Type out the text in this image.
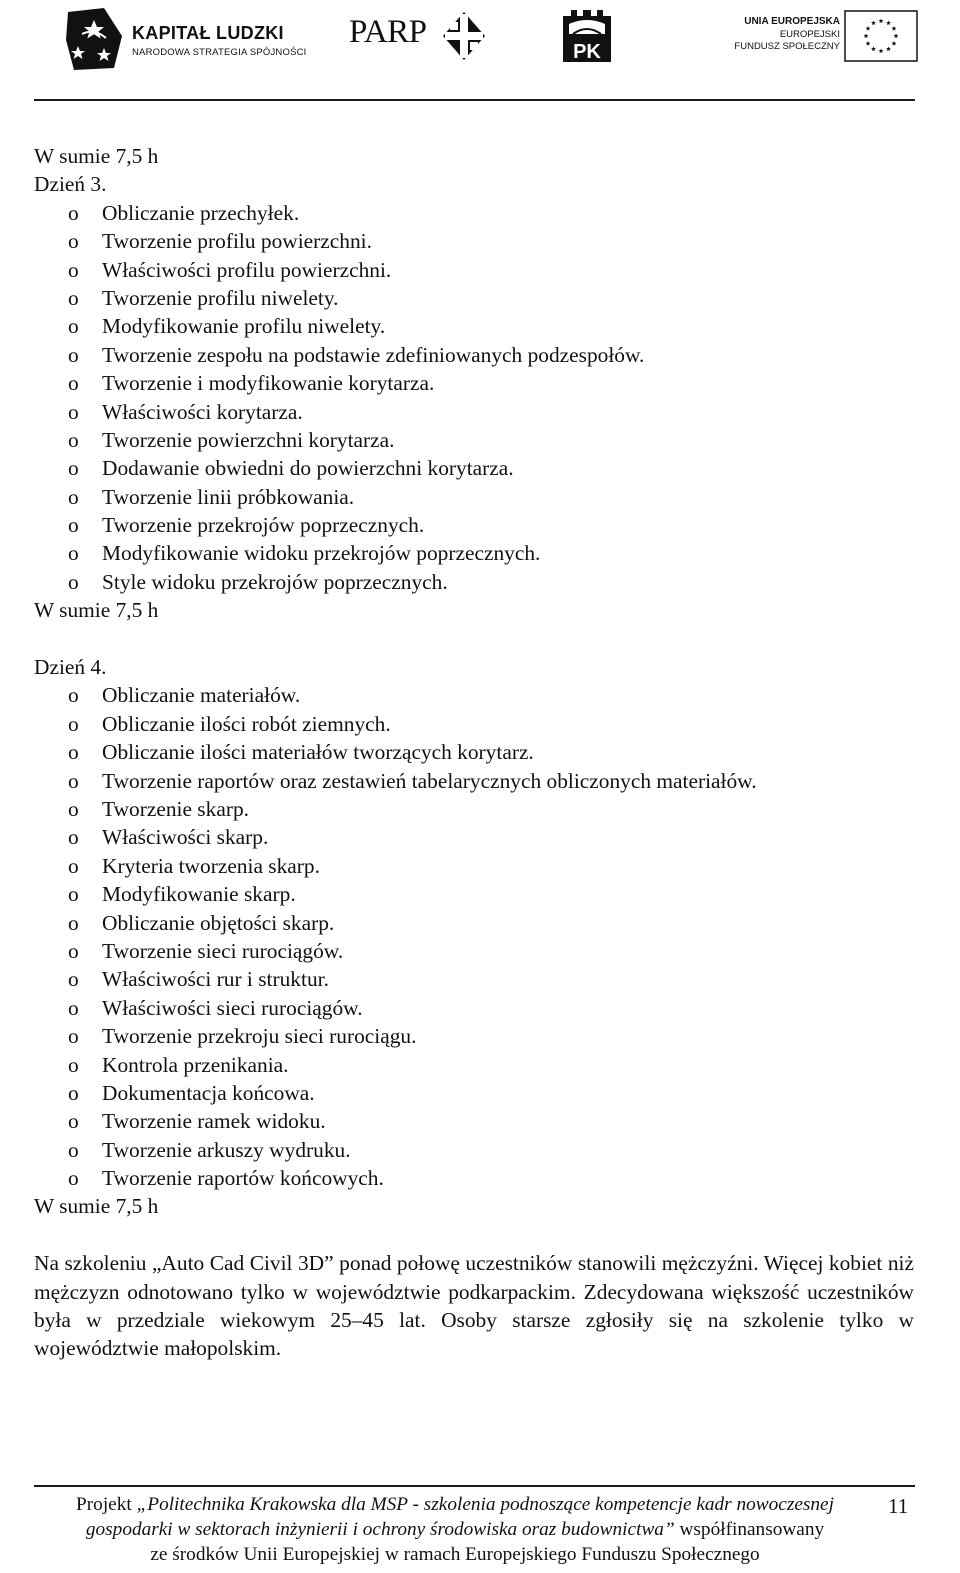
KAPITAŁ LUDZKI
NARODOWA STRATEGIA SPÓJNOŚCI
PARP
PK
UNIA EUROPEJSKA
EUROPEJSKI
FUNDUSZ SPOŁECZNY
W sumie 7,5 h
Dzień 3.
o Obliczanie przechyłek.
o Tworzenie profilu powierzchni.
o Właściwości profilu powierzchni.
o Tworzenie profilu niwelety.
o Modyfikowanie profilu niwelety.
o Tworzenie zespołu na podstawie zdefiniowanych podzespołów.
o Tworzenie i modyfikowanie korytarza.
o Właściwości korytarza.
o Tworzenie powierzchni korytarza.
o Dodawanie obwiedni do powierzchni korytarza.
o Tworzenie linii próbkowania.
o Tworzenie przekrojów poprzecznych.
o Modyfikowanie widoku przekrojów poprzecznych.
o Style widoku przekrojów poprzecznych.
W sumie 7,5 h
Dzień 4.
o Obliczanie materiałów.
o Obliczanie ilości robót ziemnych.
o Obliczanie ilości materiałów tworzących korytarz.
o Tworzenie raportów oraz zestawień tabelarycznych obliczonych materiałów.
o Tworzenie skarp.
o Właściwości skarp.
o Kryteria tworzenia skarp.
o Modyfikowanie skarp.
o Obliczanie objętości skarp.
o Tworzenie sieci rurociągów.
o Właściwości rur i struktur.
o Właściwości sieci rurociągów.
o Tworzenie przekroju sieci rurociągu.
o Kontrola przenikania.
o Dokumentacja końcowa.
o Tworzenie ramek widoku.
o Tworzenie arkuszy wydruku.
o Tworzenie raportów końcowych.
W sumie 7,5 h

Na szkoleniu „Auto Cad Civil 3D” ponad połowę uczestników stanowili mężczyźni. Więcej kobiet niż mężczyzn odnotowano tylko w województwie podkarpackim. Zdecydowana większość uczestników była w przedziale wiekowym 25–45 lat. Osoby starsze zgłosiły się na szkolenie tylko w województwie małopolskim.

Projekt „Politechnika Krakowska dla MSP - szkolenia podnoszące kompetencje kadr nowoczesnej gospodarki w sektorach inżynierii i ochrony środowiska oraz budownictwa” współfinansowany
ze środków Unii Europejskiej w ramach Europejskiego Funduszu Społecznego
11
